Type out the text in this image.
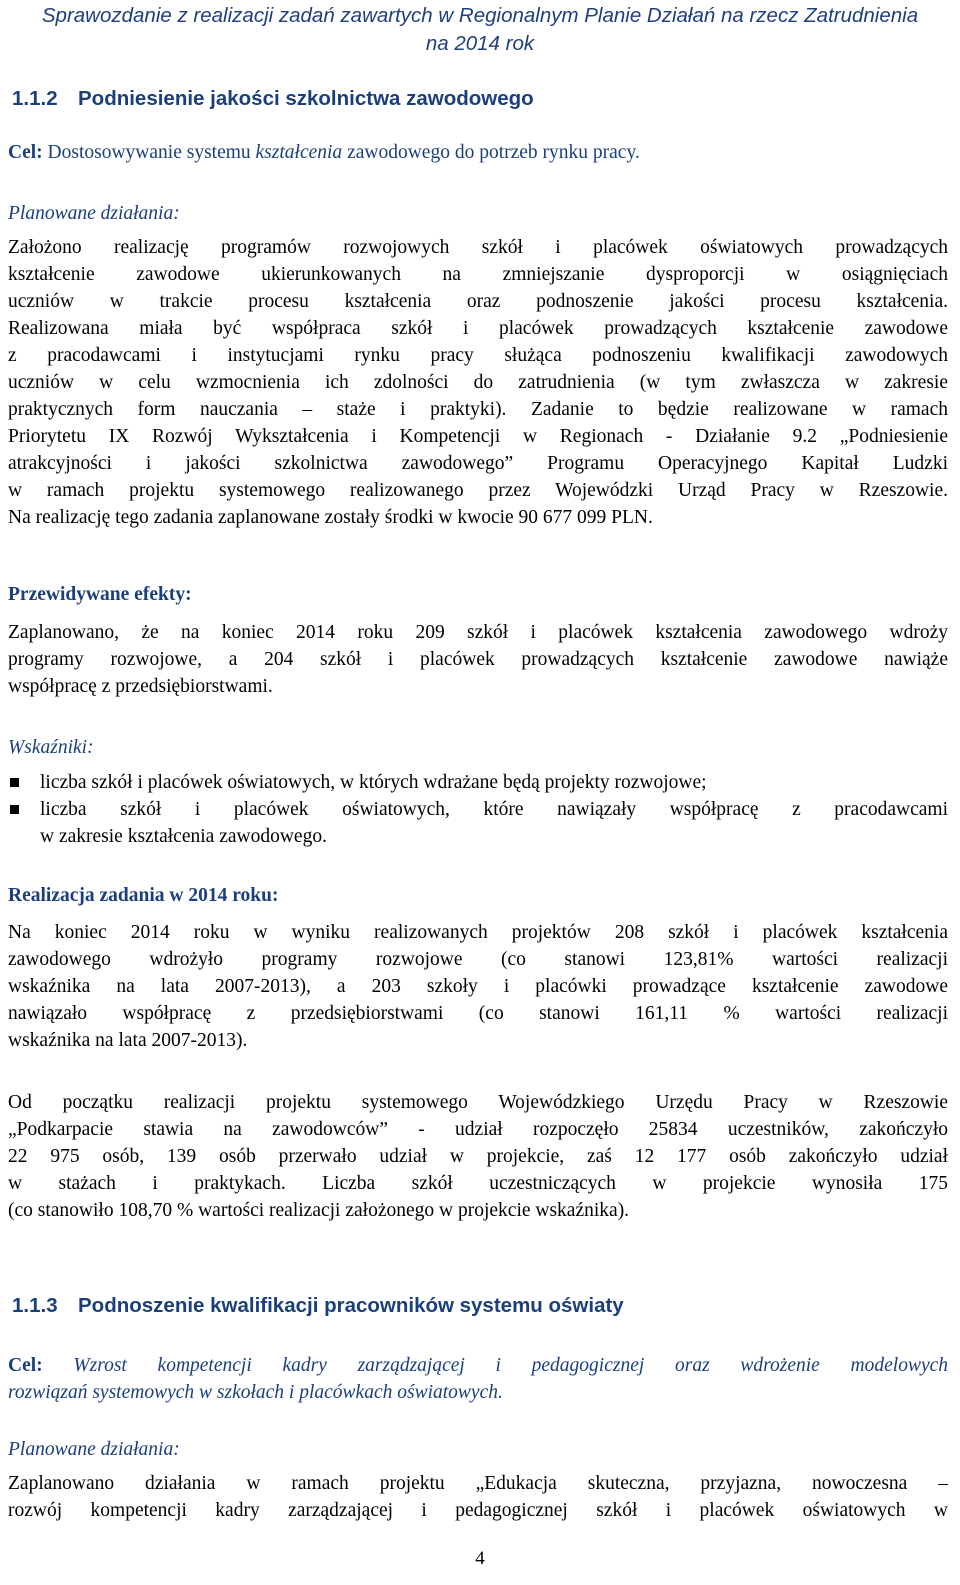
Sprawozdanie z realizacji zadań zawartych w Regionalnym Planie Działań na rzecz Zatrudnienia
na 2014 rok
1.1.2 Podniesienie jakości szkolnictwa zawodowego
Cel: Dostosowywanie systemu kształcenia zawodowego do potrzeb rynku pracy.
Planowane działania:
Założono realizację programów rozwojowych szkół i placówek oświatowych prowadzących
kształcenie zawodowe ukierunkowanych na zmniejszanie dysproporcji w osiągnięciach
uczniów w trakcie procesu kształcenia oraz podnoszenie jakości procesu kształcenia.
Realizowana miała być współpraca szkół i placówek prowadzących kształcenie zawodowe
z pracodawcami i instytucjami rynku pracy służąca podnoszeniu kwalifikacji zawodowych
uczniów w celu wzmocnienia ich zdolności do zatrudnienia (w tym zwłaszcza w zakresie
praktycznych form nauczania – staże i praktyki). Zadanie to będzie realizowane w ramach
Priorytetu IX Rozwój Wykształcenia i Kompetencji w Regionach - Działanie 9.2 „Podniesienie
atrakcyjności i jakości szkolnictwa zawodowego” Programu Operacyjnego Kapitał Ludzki
w ramach projektu systemowego realizowanego przez Wojewódzki Urząd Pracy w Rzeszowie.
Na realizację tego zadania zaplanowane zostały środki w kwocie 90 677 099 PLN.
Przewidywane efekty:
Zaplanowano, że na koniec 2014 roku 209 szkół i placówek kształcenia zawodowego wdroży
programy rozwojowe, a 204 szkół i placówek prowadzących kształcenie zawodowe nawiąże
współpracę z przedsiębiorstwami.
Wskaźniki:
liczba szkół i placówek oświatowych, w których wdrażane będą projekty rozwojowe;
liczba szkół i placówek oświatowych, które nawiązały współpracę z pracodawcami
w zakresie kształcenia zawodowego.
Realizacja zadania w 2014 roku:
Na koniec 2014 roku w wyniku realizowanych projektów 208 szkół i placówek kształcenia
zawodowego wdrożyło programy rozwojowe (co stanowi 123,81% wartości realizacji
wskaźnika na lata 2007-2013), a 203 szkoły i placówki prowadzące kształcenie zawodowe
nawiązało współpracę z przedsiębiorstwami (co stanowi 161,11 % wartości realizacji
wskaźnika na lata 2007-2013).
Od początku realizacji projektu systemowego Wojewódzkiego Urzędu Pracy w Rzeszowie
„Podkarpacie stawia na zawodowców” - udział rozpoczęło 25834 uczestników, zakończyło
22 975 osób, 139 osób przerwało udział w projekcie, zaś 12 177 osób zakończyło udział
w stażach i praktykach. Liczba szkół uczestniczących w projekcie wynosiła 175
(co stanowiło 108,70 % wartości realizacji założonego w projekcie wskaźnika).
1.1.3 Podnoszenie kwalifikacji pracowników systemu oświaty
Cel: Wzrost kompetencji kadry zarządzającej i pedagogicznej oraz wdrożenie modelowych
rozwiązań systemowych w szkołach i placówkach oświatowych.
Planowane działania:
Zaplanowano działania w ramach projektu „Edukacja skuteczna, przyjazna, nowoczesna –
rozwój kompetencji kadry zarządzającej i pedagogicznej szkół i placówek oświatowych w
4
